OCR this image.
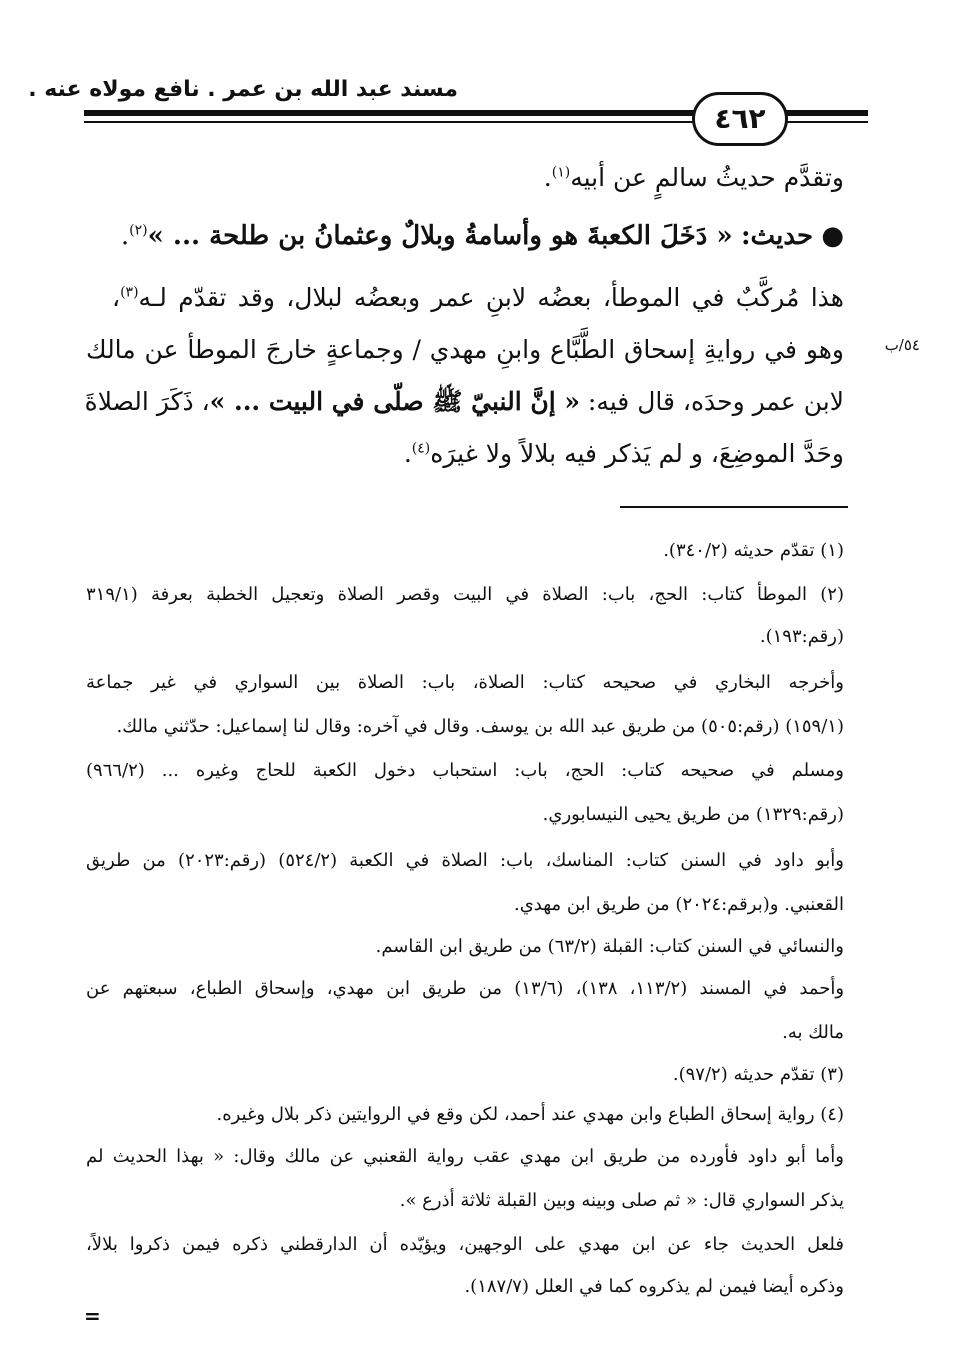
مسند عبد الله بن عمر . نافع مولاه عنه .
٤٦٢
وتقدَّم حديثُ سالمٍ عن أبيه$^{(١)}$.
● حديث: « دَخَلَ الكعبةَ هو وأسامةُ وبلالٌ وعثمانُ بن طلحة ... »$^{(٢)}$.
هذا مُركَّبٌ في الموطأ، بعضُه لابنِ عمر وبعضُه لبلال، وقد تقدّم لـه$^{(٣)}$،
وهو في روايةِ إسحاق الطَّبَّاع وابنِ مهدي / وجماعةٍ خارجَ الموطأ عن مالك
لابن عمر وحدَه، قال فيه: « إنَّ النبيّ ﷺ صلّى في البيت ... »، ذَكَرَ الصلاةَ
وحَدَّ الموضِعَ، و لم يَذكر فيه بلالاً ولا غيرَه$^{(٤)}$.
٥٤/ب
(١) تقدّم حديثه (٣٤٠/٢).
(٢) الموطأ كتاب: الحج، باب: الصلاة في البيت وقصر الصلاة وتعجيل الخطبة بعرفة (٣١٩/١
(رقم:١٩٣).
وأخرجه البخاري في صحيحه كتاب: الصلاة، باب: الصلاة بين السواري في غير جماعة
(١٥٩/١) (رقم:٥٠٥) من طريق عبد الله بن يوسف. وقال في آخره: وقال لنا إسماعيل: حدّثني مالك.
ومسلم في صحيحه كتاب: الحج، باب: استحباب دخول الكعبة للحاج وغيره ... (٩٦٦/٢)
(رقم:١٣٢٩) من طريق يحيى النيسابوري.
وأبو داود في السنن كتاب: المناسك، باب: الصلاة في الكعبة (٥٢٤/٢) (رقم:٢٠٢٣) من طريق
القعنبي. و(برقم:٢٠٢٤) من طريق ابن مهدي.
والنسائي في السنن كتاب: القبلة (٦٣/٢) من طريق ابن القاسم.
وأحمد في المسند (١١٣/٢، ١٣٨)، (١٣/٦) من طريق ابن مهدي، وإسحاق الطباع، سبعتهم عن
مالك به.
(٣) تقدّم حديثه (٩٧/٢).
(٤) رواية إسحاق الطباع وابن مهدي عند أحمد، لكن وقع في الروايتين ذكر بلال وغيره.
وأما أبو داود فأورده من طريق ابن مهدي عقب رواية القعنبي عن مالك وقال: « بهذا الحديث لم
يذكر السواري قال: « ثم صلى وبينه وبين القبلة ثلاثة أذرع ».
فلعل الحديث جاء عن ابن مهدي على الوجهين، ويؤيّده أن الدارقطني ذكره فيمن ذكروا بلالاً،
وذكره أيضا فيمن لم يذكروه كما في العلل (١٨٧/٧).
=
